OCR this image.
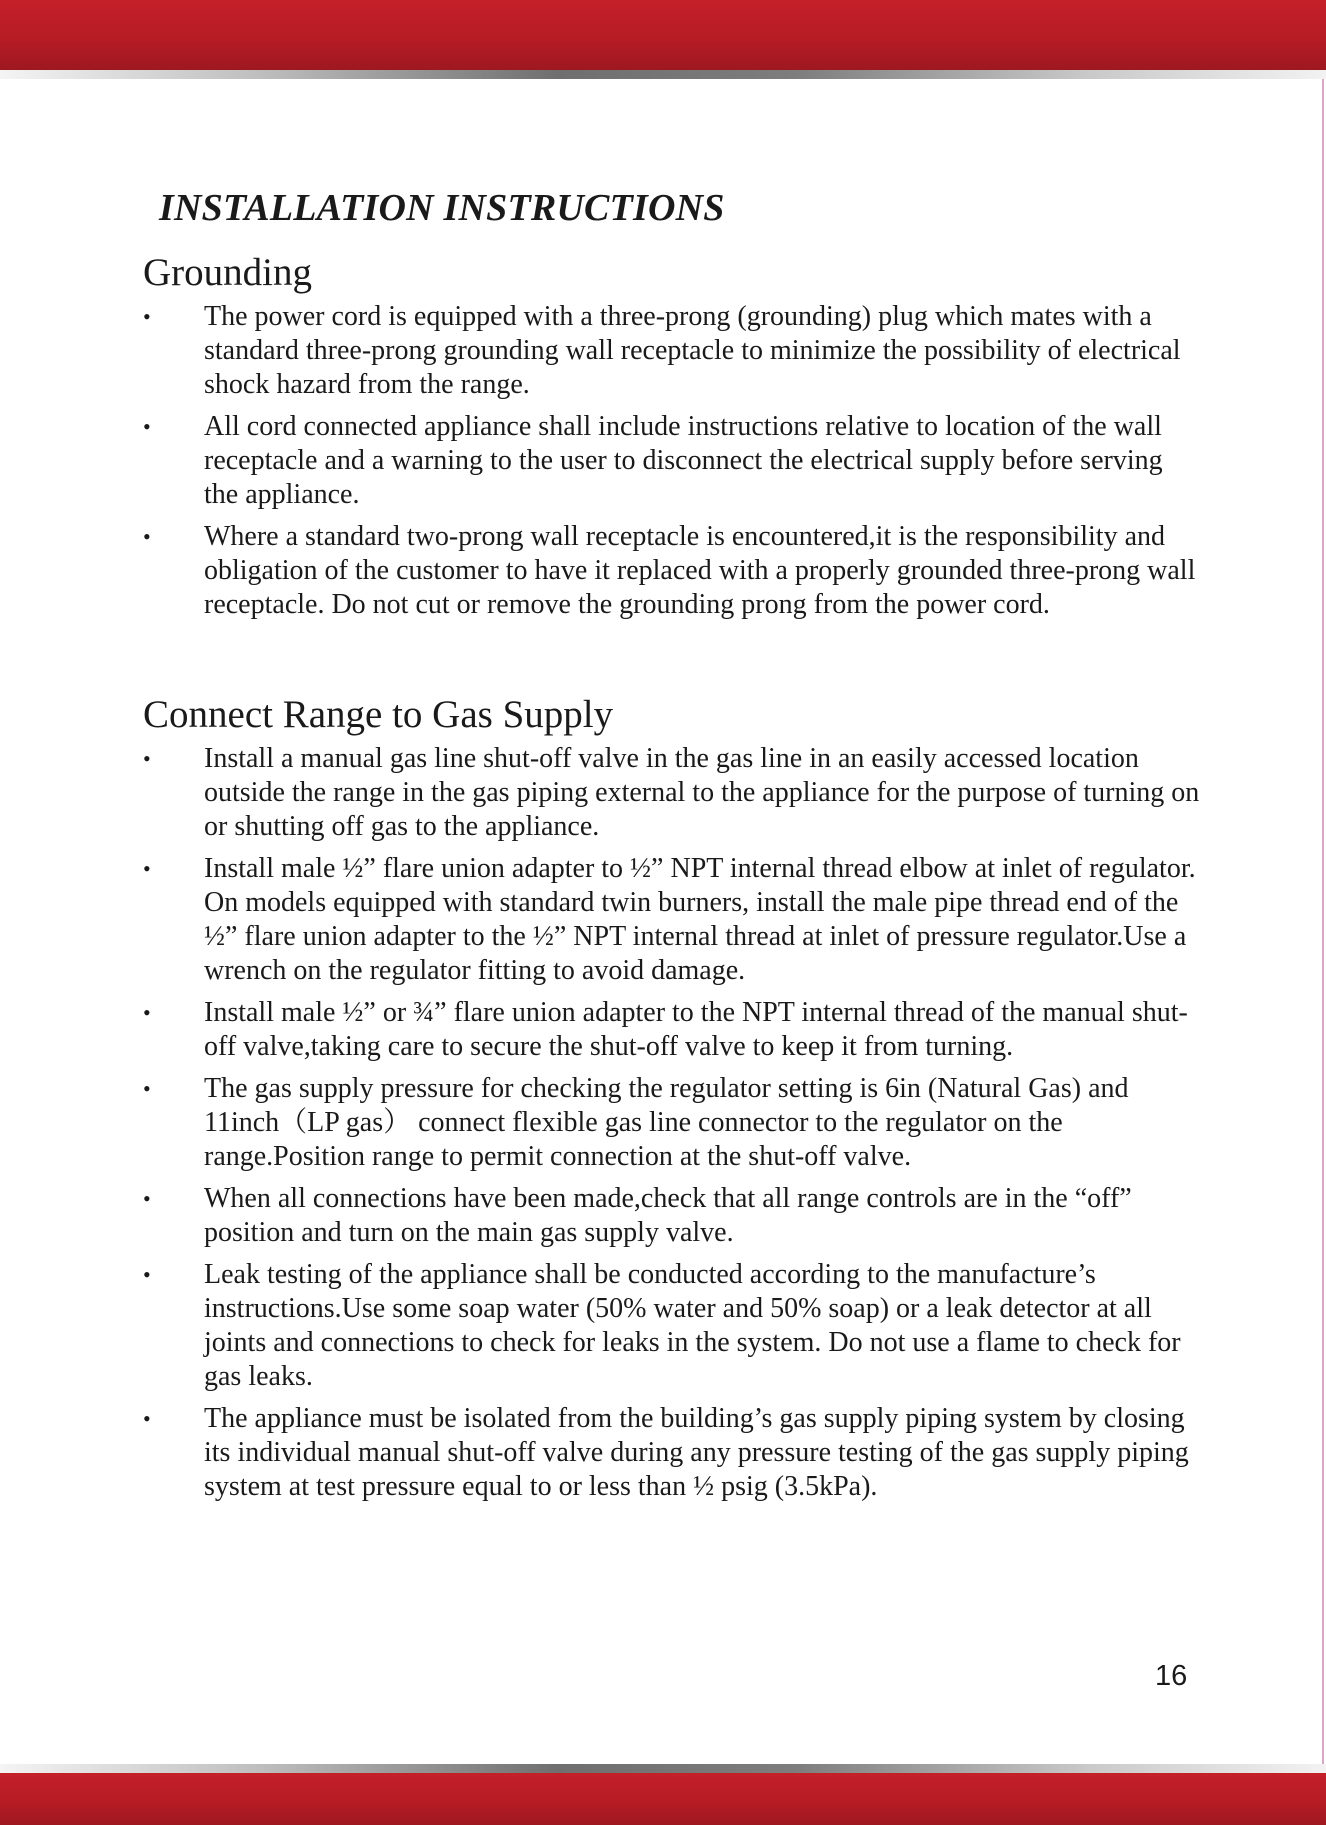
INSTALLATION INSTRUCTIONS
Grounding
•	The power cord is equipped with a three-prong (grounding) plug which mates with a standard three-prong grounding wall receptacle to minimize the possibility of electrical shock hazard from the range.
•	All cord connected appliance shall include instructions relative to location of the wall receptacle and a warning to the user to disconnect the electrical supply before serving the appliance.
•	Where a standard two-prong wall receptacle is encountered,it is the responsibility and obligation of the customer to have it replaced with a properly grounded three-prong wall receptacle. Do not cut or remove the grounding prong from the power cord.
Connect Range to Gas Supply
•	Install a manual gas line shut-off valve in the gas line in an easily accessed location outside the range in the gas piping external to the appliance for the purpose of turning on or shutting off gas to the appliance.
•	Install male ½” flare union adapter to ½” NPT internal thread elbow at inlet of regulator. On models equipped with standard twin burners, install the male pipe thread end of the ½” flare union adapter to the ½” NPT internal thread at inlet of pressure regulator.Use a wrench on the regulator fitting to avoid damage.
•	Install male ½” or ¾” flare union adapter to the NPT internal thread of the manual shut-off valve,taking care to secure the shut-off valve to keep it from turning.
•	The gas supply pressure for checking the regulator setting is 6in (Natural Gas) and 11inch（LP gas） connect flexible gas line connector to the regulator on the range.Position range to permit connection at the shut-off valve.
•	When all connections have been made,check that all range controls are in the “off” position and turn on the main gas supply valve.
•	Leak testing of the appliance shall be conducted according to the manufacture’s instructions.Use some soap water (50% water and 50% soap) or a leak detector at all joints and connections to check for leaks in the system. Do not use a flame to check for gas leaks.
•	The appliance must be isolated from the building’s gas supply piping system by closing its individual manual shut-off valve during any pressure testing of the gas supply piping system at test pressure equal to or less than ½ psig (3.5kPa).
16
